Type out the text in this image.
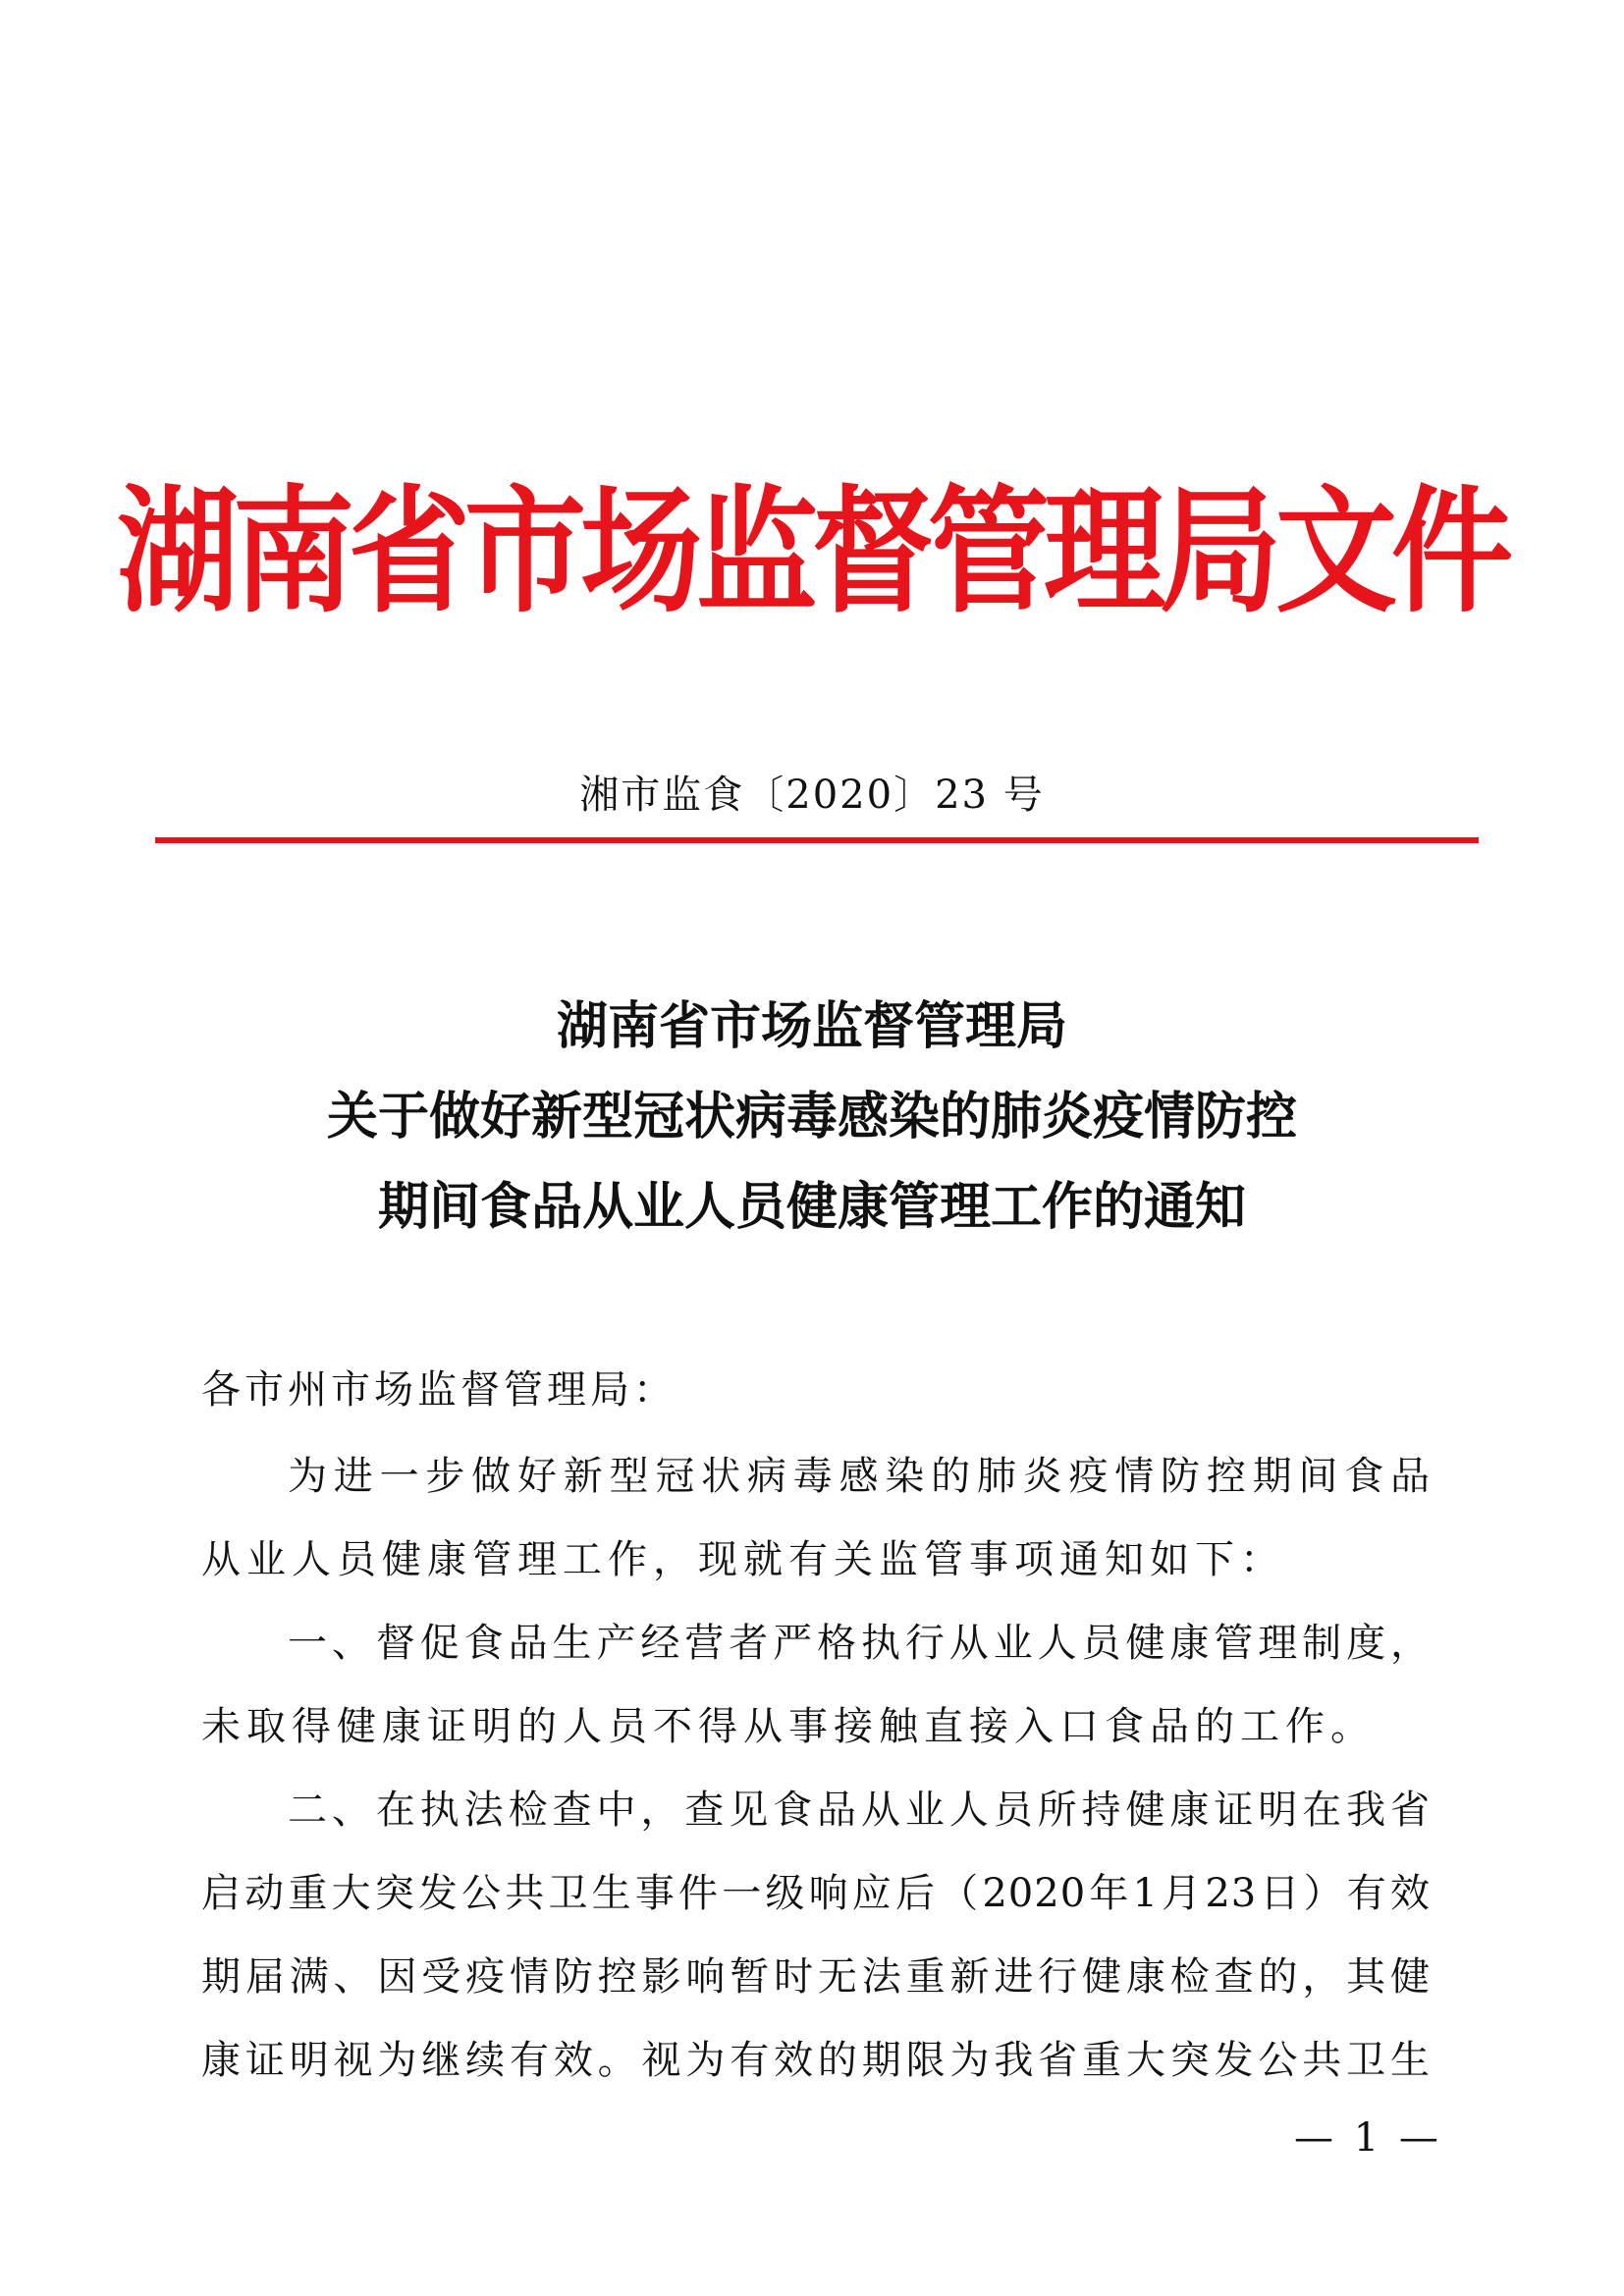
湖南省市场监督管理局文件
湘市监食〔2020〕23 号
湖南省市场监督管理局
关于做好新型冠状病毒感染的肺炎疫情防控
期间食品从业人员健康管理工作的通知
各市州市场监督管理局：
为进一步做好新型冠状病毒感染的肺炎疫情防控期间食品
从业人员健康管理工作，现就有关监管事项通知如下：
一、督促食品生产经营者严格执行从业人员健康管理制度，
未取得健康证明的人员不得从事接触直接入口食品的工作。
二、在执法检查中，查见食品从业人员所持健康证明在我省
启动重大突发公共卫生事件一级响应后（2020年1月23日）有效
期届满、因受疫情防控影响暂时无法重新进行健康检查的，其健
康证明视为继续有效。视为有效的期限为我省重大突发公共卫生
— 1 —
